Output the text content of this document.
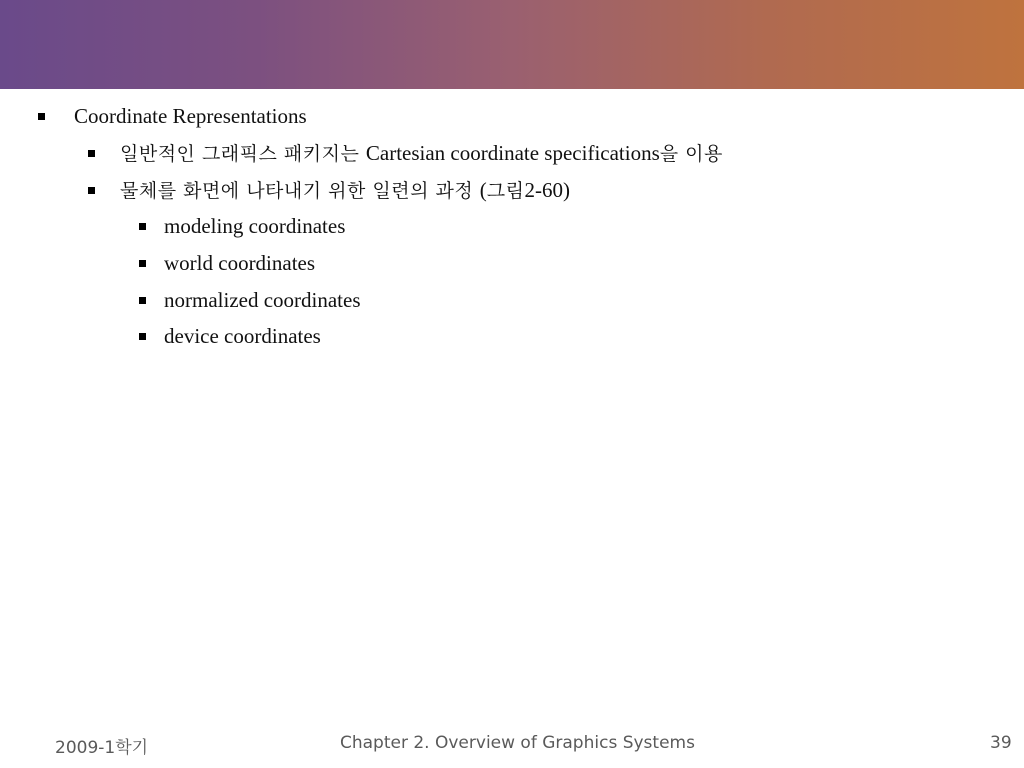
Coordinate Representations
일반적인 그래픽스 패키지는 Cartesian coordinate specifications을 이용
물체를 화면에 나타내기 위한 일련의 과정 (그림2-60)
modeling coordinates
world coordinates
normalized coordinates
device coordinates
2009-1학기	Chapter 2. Overview of Graphics Systems	39
